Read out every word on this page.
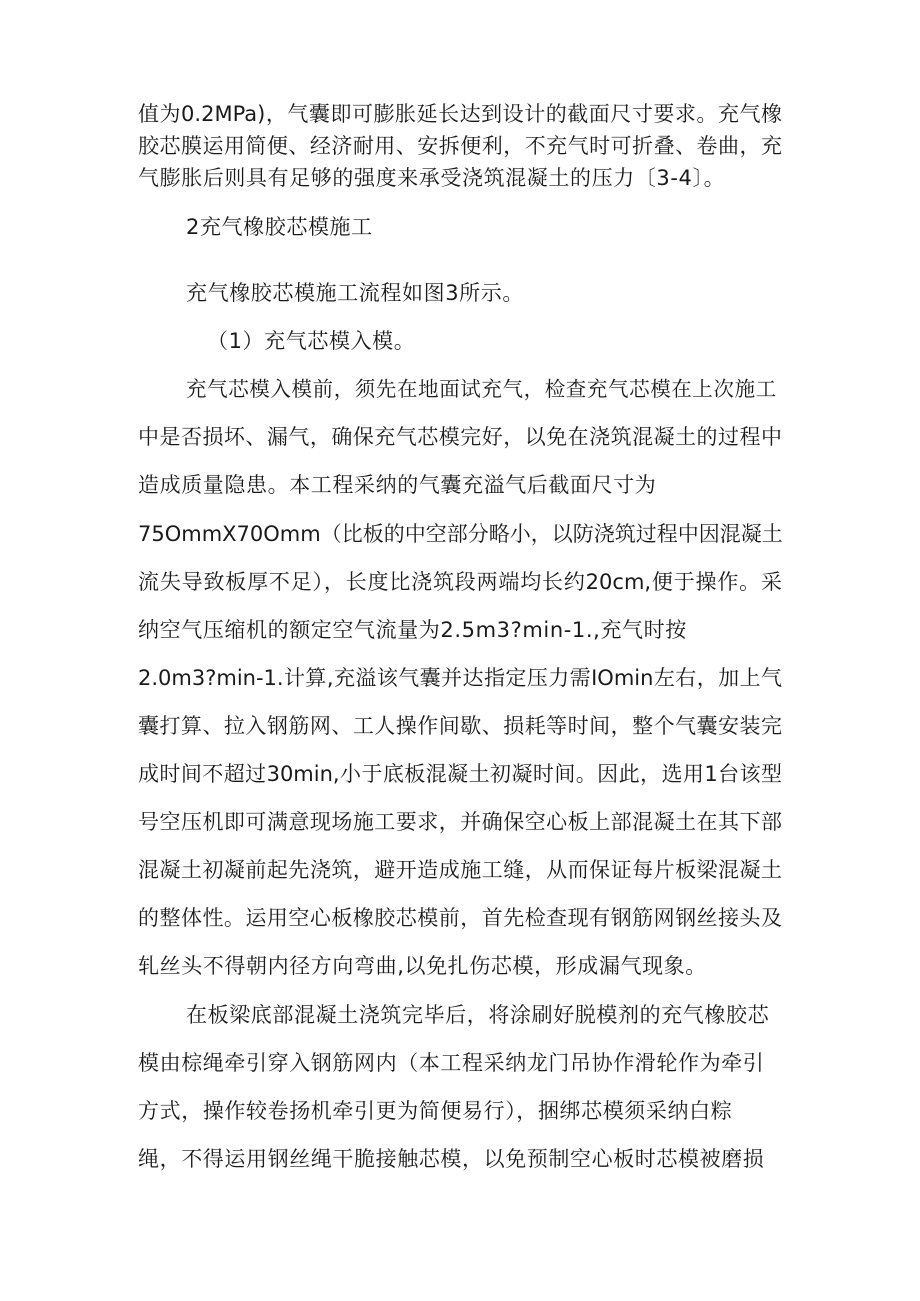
值为0.2MPa)，气囊即可膨胀延长达到设计的截面尺寸要求。充气橡
胶芯膜运用简便、经济耐用、安拆便利，不充气时可折叠、卷曲，充
气膨胀后则具有足够的强度来承受浇筑混凝土的压力〔3-4〕。
2充气橡胶芯模施工
充气橡胶芯模施工流程如图3所示。
（1）充气芯模入模。
充气芯模入模前，须先在地面试充气，检查充气芯模在上次施工
中是否损坏、漏气，确保充气芯模完好，以免在浇筑混凝土的过程中
造成质量隐患。本工程采纳的气囊充溢气后截面尺寸为
75OmmX70Omm（比板的中空部分略小，以防浇筑过程中因混凝土
流失导致板厚不足），长度比浇筑段两端均长约20cm,便于操作。采
纳空气压缩机的额定空气流量为2.5m3?min-1.,充气时按
2.0m3?min-1.计算,充溢该气囊并达指定压力需IOmin左右，加上气
囊打算、拉入钢筋网、工人操作间歇、损耗等时间，整个气囊安装完
成时间不超过30min,小于底板混凝土初凝时间。因此，选用1台该型
号空压机即可满意现场施工要求，并确保空心板上部混凝土在其下部
混凝土初凝前起先浇筑，避开造成施工缝，从而保证每片板梁混凝土
的整体性。运用空心板橡胶芯模前，首先检查现有钢筋网钢丝接头及
轧丝头不得朝内径方向弯曲,以免扎伤芯模，形成漏气现象。
在板梁底部混凝土浇筑完毕后，将涂刷好脱模剂的充气橡胶芯
模由棕绳牵引穿入钢筋网内（本工程采纳龙门吊协作滑轮作为牵引
方式，操作较卷扬机牵引更为简便易行），捆绑芯模须采纳白粽
绳，不得运用钢丝绳干脆接触芯模，以免预制空心板时芯模被磨损
